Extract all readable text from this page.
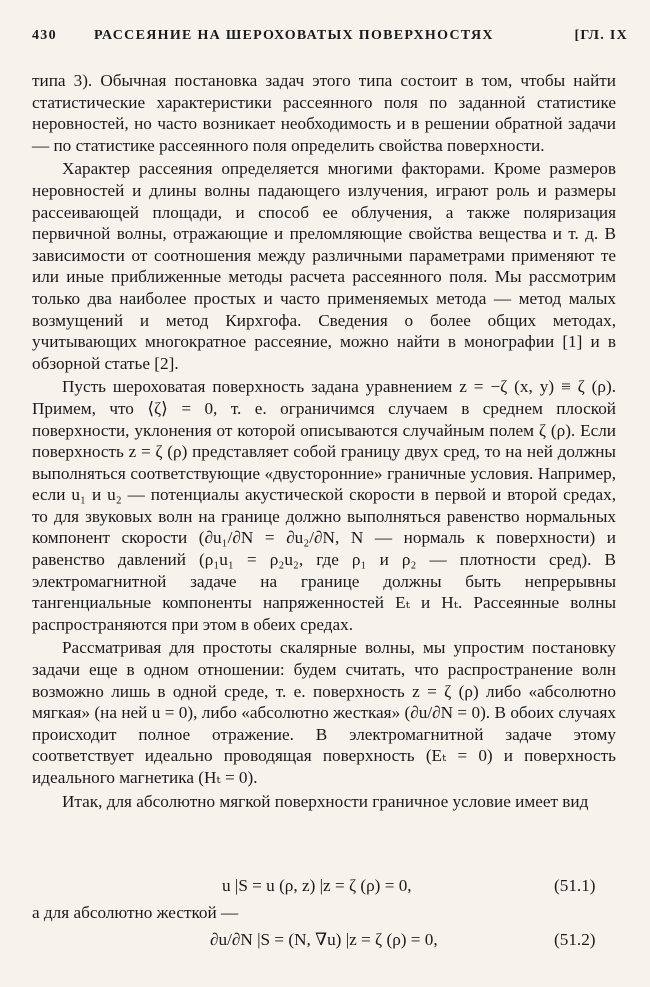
430	РАССЕЯНИЕ НА ШЕРОХОВАТЫХ ПОВЕРХНОСТЯХ	[ГЛ. IX

типа 3). Обычная постановка задач этого типа состоит в том, чтобы найти статистические характеристики рассеянного поля по заданной статистике неровностей, но часто возникает необходимость и в решении обратной задачи — по статистике рассеянного поля определить свойства поверхности.

Характер рассеяния определяется многими факторами. Кроме размеров неровностей и длины волны падающего излучения, играют роль и размеры рассеивающей площади, и способ ее облучения, а также поляризация первичной волны, отражающие и преломляющие свойства вещества и т. д. В зависимости от соотношения между различными параметрами применяют те или иные приближенные методы расчета рассеянного поля. Мы рассмотрим только два наиболее простых и часто применяемых метода — метод малых возмущений и метод Кирхгофа. Сведения о более общих методах, учитывающих многократное рассеяние, можно найти в монографии [1] и в обзорной статье [2].

Пусть шероховатая поверхность задана уравнением z = −ζ (x, y) ≡ ζ (ρ). Примем, что ⟨ζ⟩ = 0, т. е. ограничимся случаем в среднем плоской поверхности, уклонения от которой описываются случайным полем ζ (ρ). Если поверхность z = ζ (ρ) представляет собой границу двух сред, то на ней должны выполняться соответствующие «двусторонние» граничные условия. Например, если u₁ и u₂ — потенциалы акустической скорости в первой и второй средах, то для звуковых волн на границе должно выполняться равенство нормальных компонент скорости (∂u₁/∂N = ∂u₂/∂N, N — нормаль к поверхности) и равенство давлений (ρ₁u₁ = ρ₂u₂, где ρ₁ и ρ₂ — плотности сред). В электромагнитной задаче на границе должны быть непрерывны тангенциальные компоненты напряженностей Eₜ и Hₜ. Рассеянные волны распространяются при этом в обеих средах.

Рассматривая для простоты скалярные волны, мы упростим постановку задачи еще в одном отношении: будем считать, что распространение волн возможно лишь в одной среде, т. е. поверхность z = ζ (ρ) либо «абсолютно мягкая» (на ней u = 0), либо «абсолютно жесткая» (∂u/∂N = 0). В обоих случаях происходит полное отражение. В электромагнитной задаче этому соответствует идеально проводящая поверхность (Eₜ = 0) и поверхность идеального магнетика (Hₜ = 0).

Итак, для абсолютно мягкой поверхности граничное условие имеет вид

u |S = u (ρ, z) |z = ζ (ρ) = 0,	(51.1)
а для абсолютно жесткой —
∂u/∂N |S = (N, ∇u) |z = ζ (ρ) = 0,	(51.2)
